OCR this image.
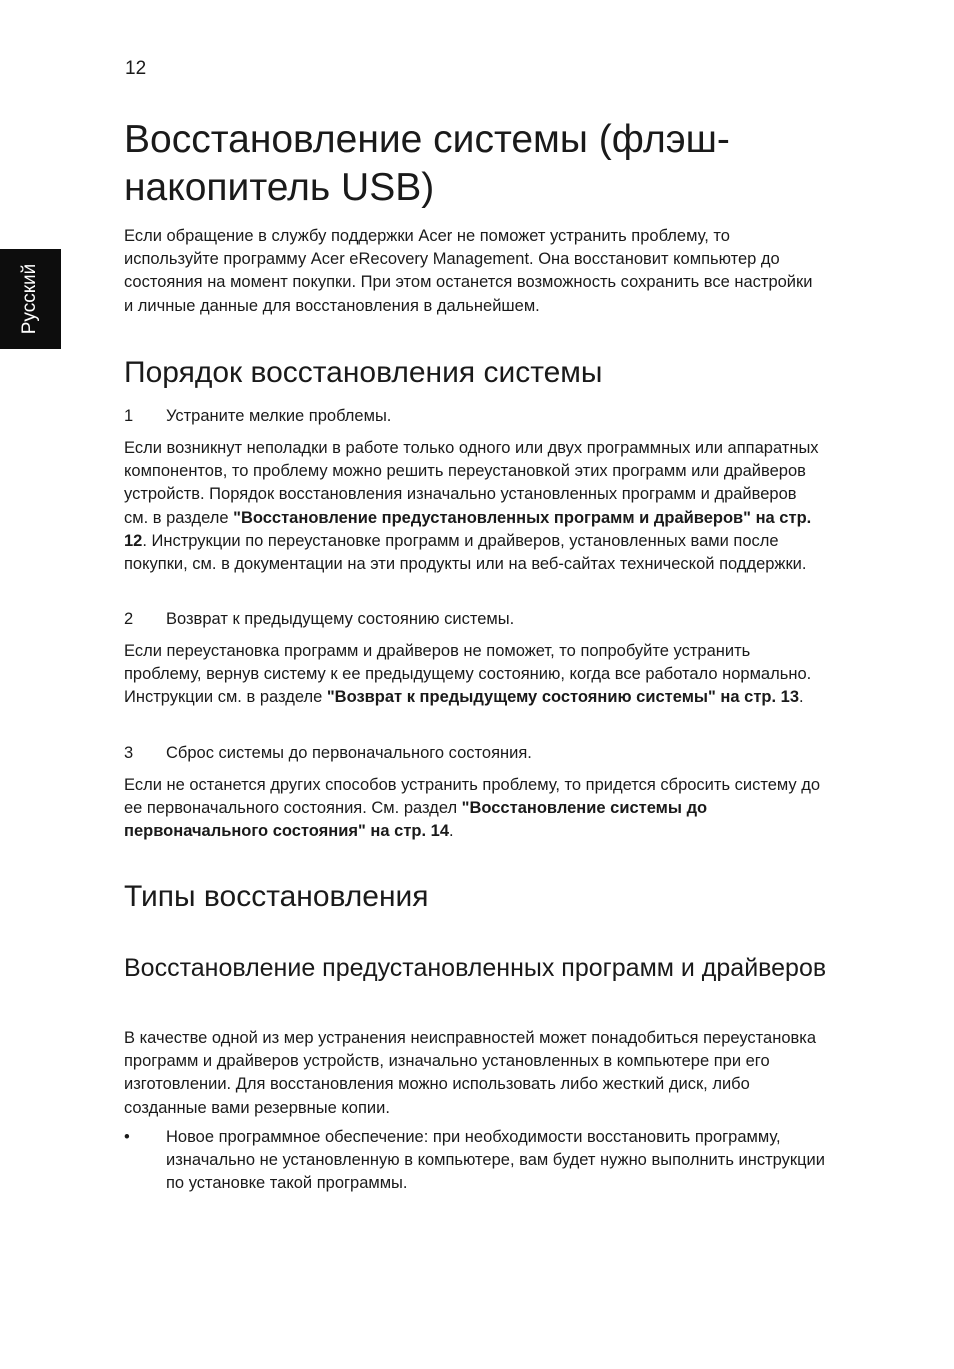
12
Русский
Восстановление системы (флэш-накопитель USB)

Если обращение в службу поддержки Acer не поможет устранить проблему, то используйте программу Acer eRecovery Management. Она восстановит компьютер до состояния на момент покупки. При этом останется возможность сохранить все настройки и личные данные для восстановления в дальнейшем.

Порядок восстановления системы
1 Устраните мелкие проблемы.

Если возникнут неполадки в работе только одного или двух программных или аппаратных компонентов, то проблему можно решить переустановкой этих программ или драйверов устройств. Порядок восстановления изначально установленных программ и драйверов см. в разделе "Восстановление предустановленных программ и драйверов" на стр. 12. Инструкции по переустановке программ и драйверов, установленных вами после покупки, см. в документации на эти продукты или на веб-сайтах технической поддержки.

2 Возврат к предыдущему состоянию системы.

Если переустановка программ и драйверов не поможет, то попробуйте устранить проблему, вернув систему к ее предыдущему состоянию, когда все работало нормально. Инструкции см. в разделе "Возврат к предыдущему состоянию системы" на стр. 13.

3 Сброс системы до первоначального состояния.

Если не останется других способов устранить проблему, то придется сбросить систему до ее первоначального состояния. См. раздел "Восстановление системы до первоначального состояния" на стр. 14.

Типы восстановления
Восстановление предустановленных программ и драйверов

В качестве одной из мер устранения неисправностей может понадобиться переустановка программ и драйверов устройств, изначально установленных в компьютере при его изготовлении. Для восстановления можно использовать либо жесткий диск, либо созданные вами резервные копии.

• Новое программное обеспечение: при необходимости восстановить программу, изначально не установленную в компьютере, вам будет нужно выполнить инструкции по установке такой программы.
